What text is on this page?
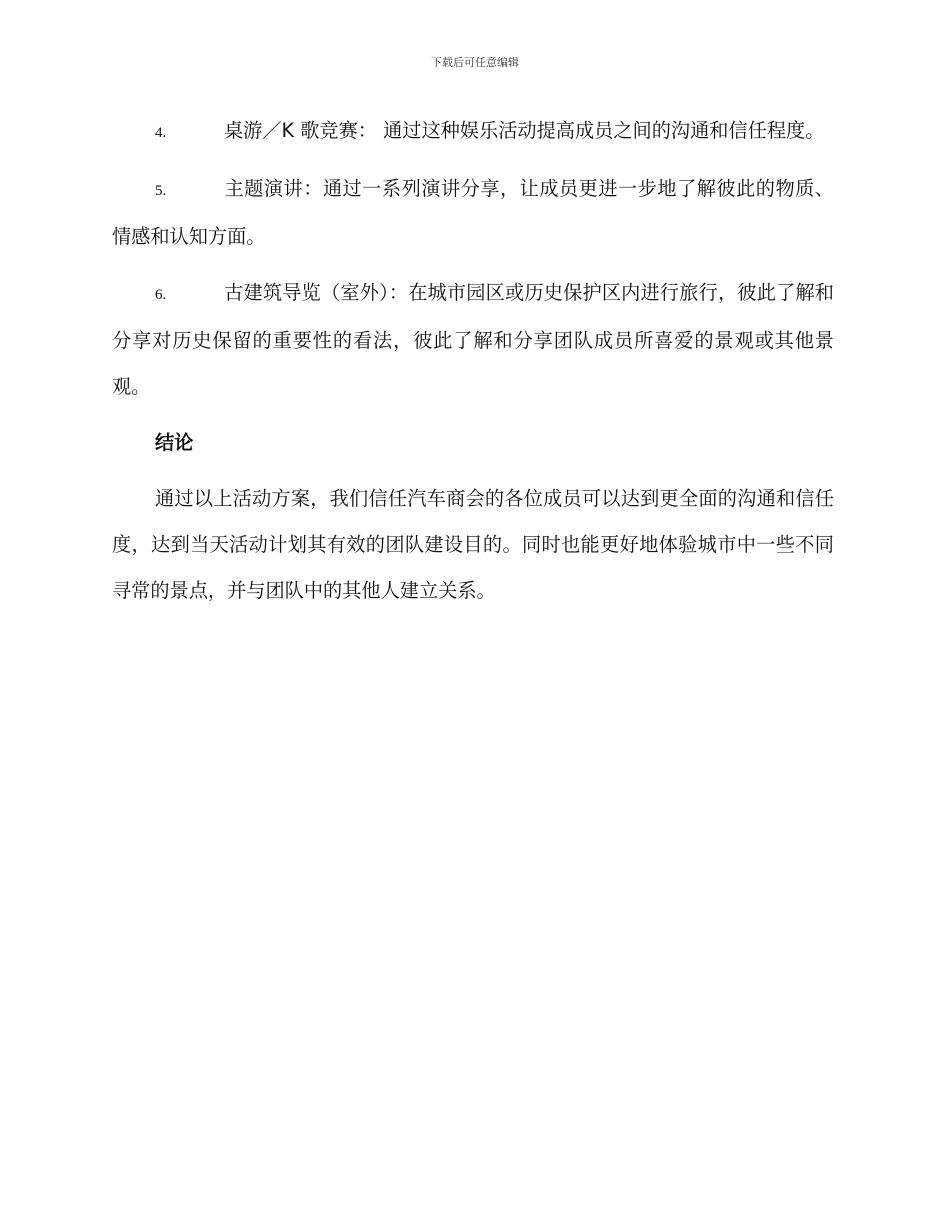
下载后可任意编辑

4.	桌游／K 歌竞赛： 通过这种娱乐活动提高成员之间的沟通和信任程度。

5.	主题演讲：通过一系列演讲分享，让成员更进一步地了解彼此的物质、情感和认知方面。

6.	古建筑导览（室外）：在城市园区或历史保护区内进行旅行，彼此了解和分享对历史保留的重要性的看法，彼此了解和分享团队成员所喜爱的景观或其他景观。

结论

通过以上活动方案，我们信任汽车商会的各位成员可以达到更全面的沟通和信任度，达到当天活动计划其有效的团队建设目的。同时也能更好地体验城市中一些不同寻常的景点，并与团队中的其他人建立关系。
